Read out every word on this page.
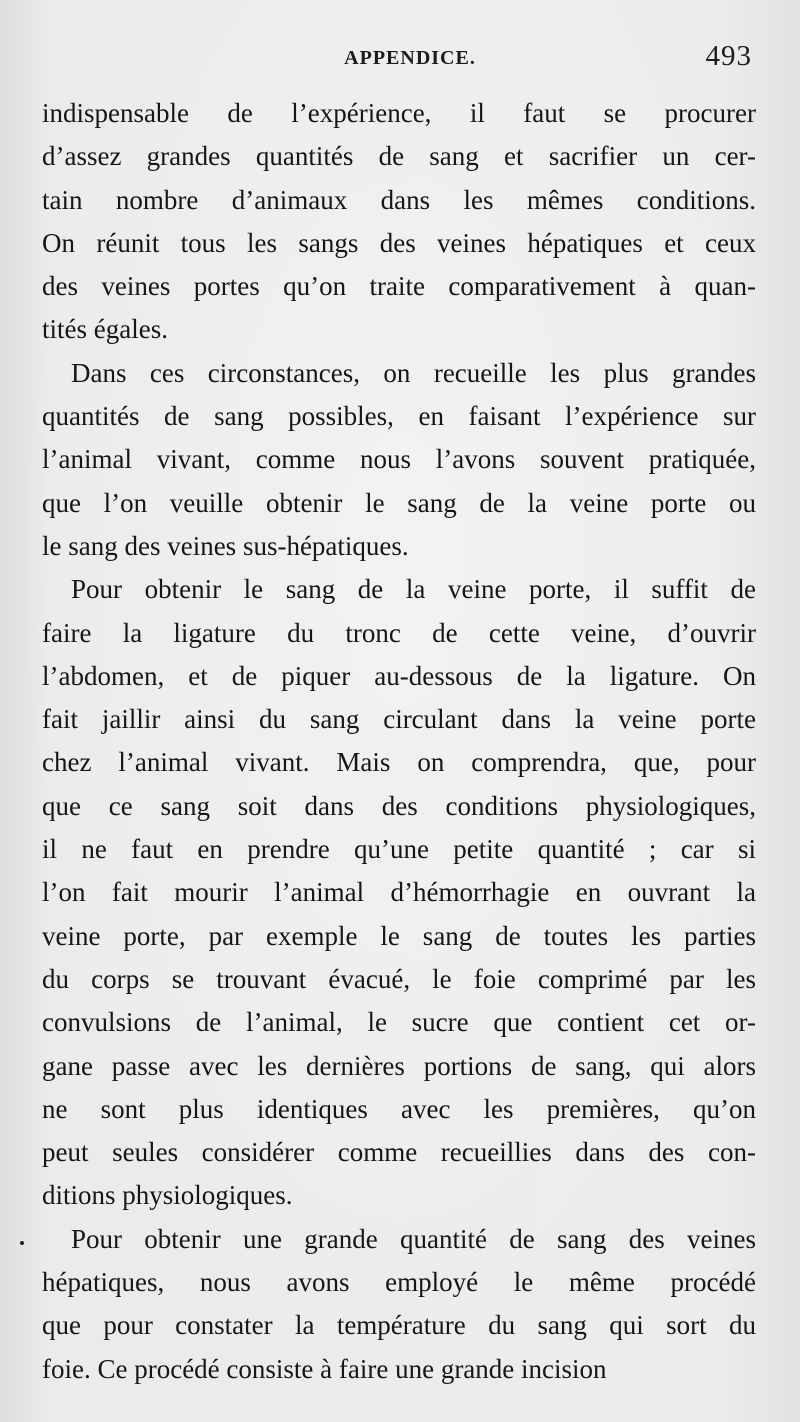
APPENDICE.	493
indispensable de l’expérience, il faut se procurer
d’assez grandes quantités de sang et sacrifier un cer-
tain nombre d’animaux dans les mêmes conditions.
On réunit tous les sangs des veines hépatiques et ceux
des veines portes qu’on traite comparativement à quan-
tités égales.
Dans ces circonstances, on recueille les plus grandes
quantités de sang possibles, en faisant l’expérience sur
l’animal vivant, comme nous l’avons souvent pratiquée,
que l’on veuille obtenir le sang de la veine porte ou
le sang des veines sus-hépatiques.
Pour obtenir le sang de la veine porte, il suffit de
faire la ligature du tronc de cette veine, d’ouvrir
l’abdomen, et de piquer au-dessous de la ligature. On
fait jaillir ainsi du sang circulant dans la veine porte
chez l’animal vivant. Mais on comprendra, que, pour
que ce sang soit dans des conditions physiologiques,
il ne faut en prendre qu’une petite quantité ; car si
l’on fait mourir l’animal d’hémorrhagie en ouvrant la
veine porte, par exemple le sang de toutes les parties
du corps se trouvant évacué, le foie comprimé par les
convulsions de l’animal, le sucre que contient cet or-
gane passe avec les dernières portions de sang, qui alors
ne sont plus identiques avec les premières, qu’on
peut seules considérer comme recueillies dans des con-
ditions physiologiques.
Pour obtenir une grande quantité de sang des veines
hépatiques, nous avons employé le même procédé
que pour constater la température du sang qui sort du
foie. Ce procédé consiste à faire une grande incision
